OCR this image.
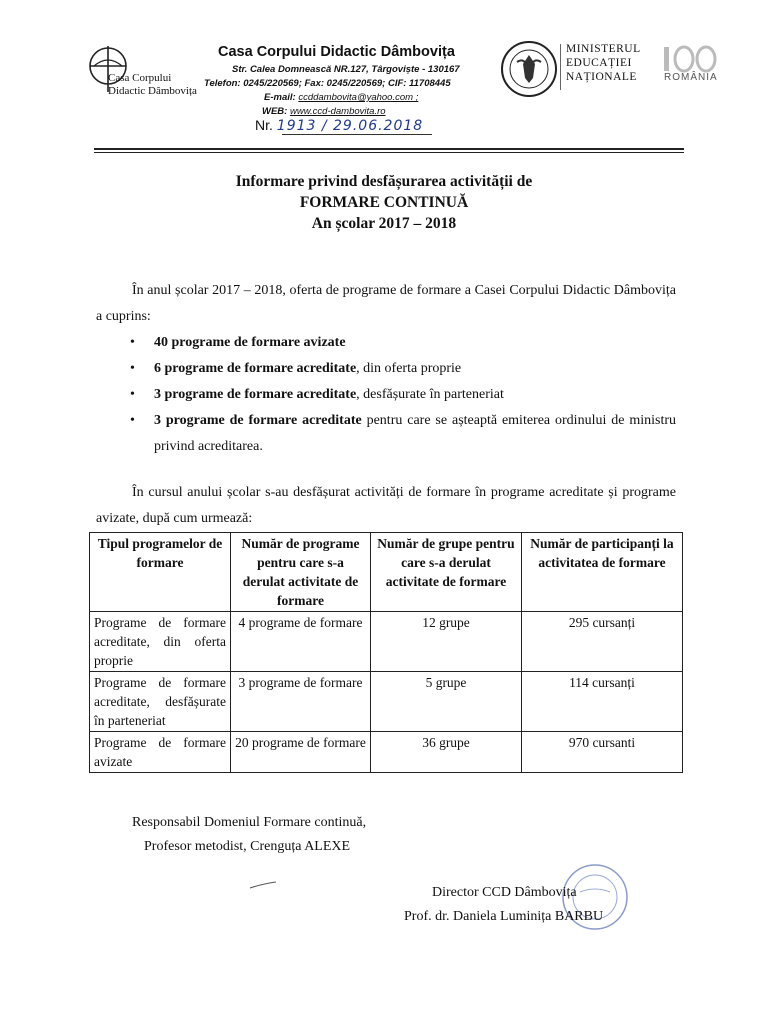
Casa Corpului
Didactic Dâmbovița
Casa Corpului Didactic Dâmbovița
Str. Calea Domnească NR.127, Târgoviște - 130167
Telefon: 0245/220569; Fax: 0245/220569; CIF: 11708445
E-mail: ccddambovita@yahoo.com ;
WEB: www.ccd-dambovita.ro
Nr. 1913 / 29.06.2018
MINISTERUL
EDUCAȚIEI
NAȚIONALE	ROMÂNIA
Informare privind desfășurarea activității de
FORMARE CONTINUĂ
An școlar 2017 – 2018
În anul școlar 2017 – 2018, oferta de programe de formare a Casei Corpului Didactic Dâmbovița a cuprins:
• 40 programe de formare avizate
• 6 programe de formare acreditate, din oferta proprie
• 3 programe de formare acreditate, desfășurate în parteneriat
• 3 programe de formare acreditate pentru care se așteaptă emiterea ordinului de ministru privind acreditarea.
În cursul anului școlar s-au desfășurat activități de formare în programe acreditate și programe avizate, după cum urmează:
Tipul programelor de formare	Număr de programe pentru care s-a derulat activitate de formare	Număr de grupe pentru care s-a derulat activitate de formare	Număr de participanți la activitatea de formare
Programe de formare acreditate, din oferta proprie	4 programe de formare	12 grupe	295 cursanți
Programe de formare acreditate, desfășurate în parteneriat	3 programe de formare	5 grupe	114 cursanți
Programe de formare avizate	20 programe de formare	36 grupe	970 cursanti
Responsabil Domeniul Formare continuă,
Profesor metodist, Crenguța ALEXE
Director CCD Dâmbovița
Prof. dr. Daniela Luminița BARBU
